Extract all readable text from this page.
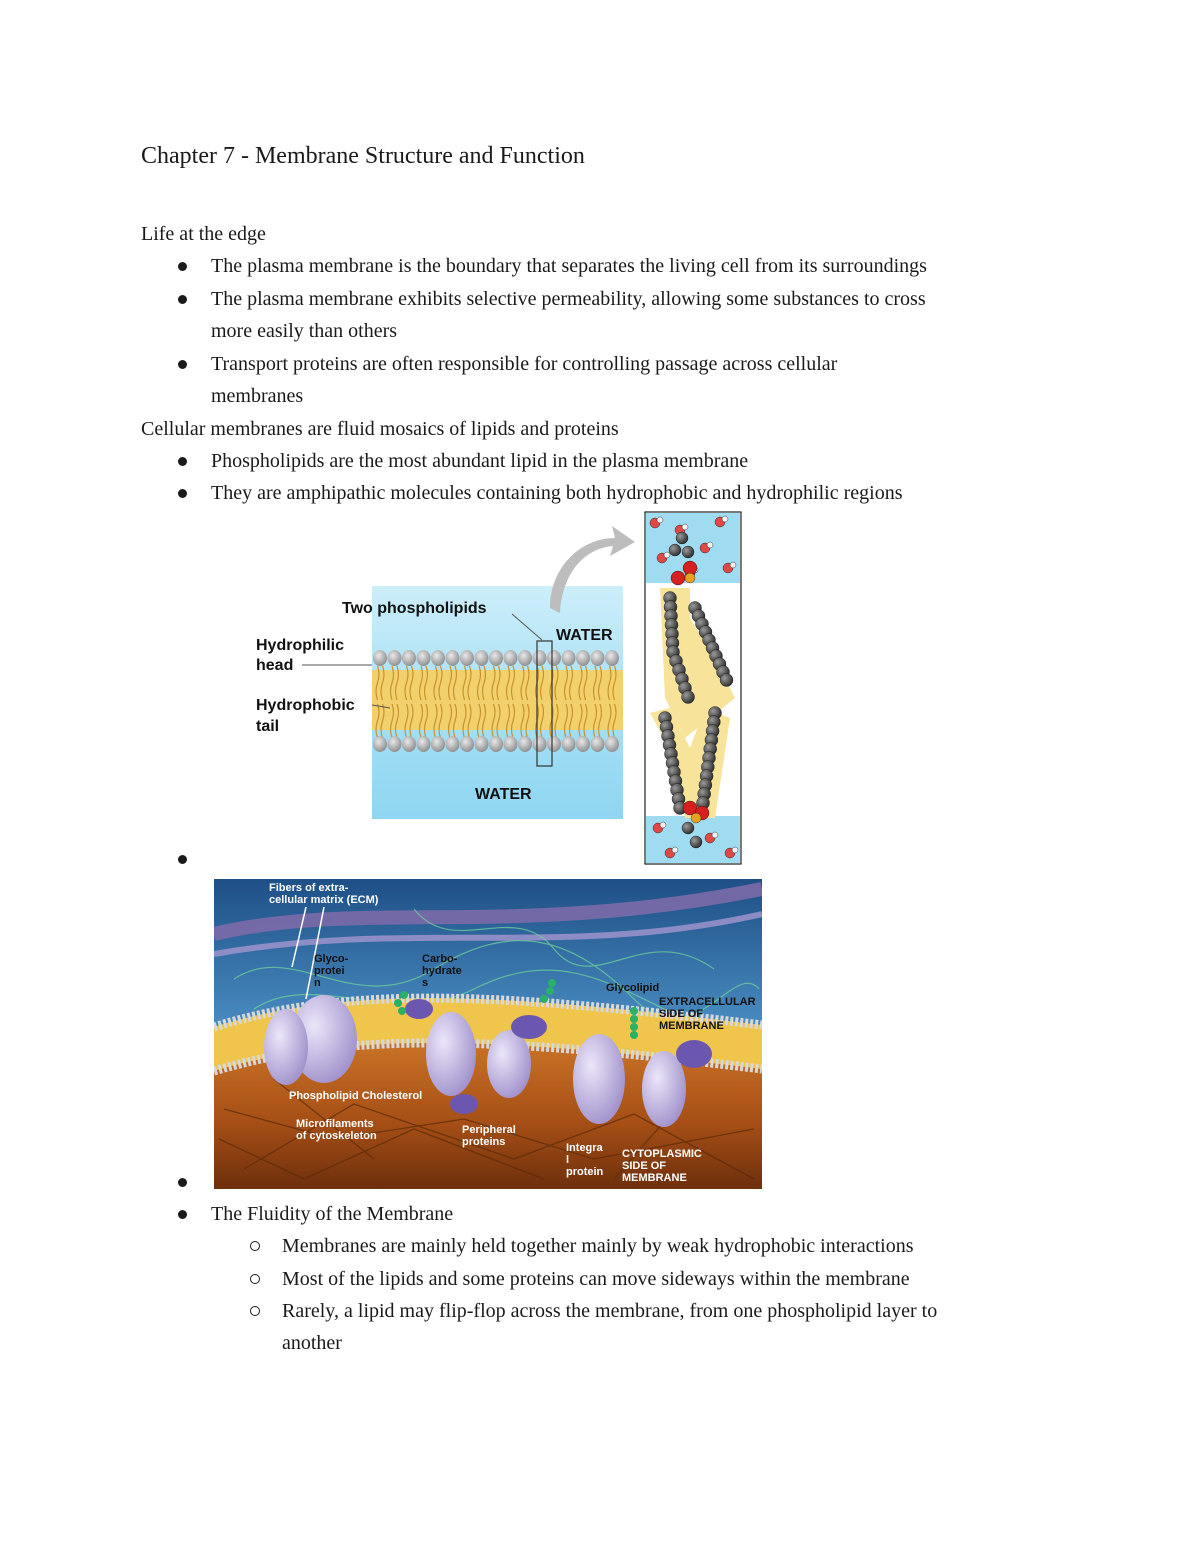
Chapter 7 - Membrane Structure and Function
Life at the edge
The plasma membrane is the boundary that separates the living cell from its surroundings
The plasma membrane exhibits selective permeability, allowing some substances to cross
more easily than others
Transport proteins are often responsible for controlling passage across cellular
membranes
Cellular membranes are fluid mosaics of lipids and proteins
Phospholipids are the most abundant lipid in the plasma membrane
They are amphipathic molecules containing both hydrophobic and hydrophilic regions
Two phospholipids
WATER
WATER
Hydrophilic
head
Hydrophobic
tail
Fibers of extra-
cellular matrix (ECM)
Glyco-
protei
n
Carbo-
hydrate
s	Glycolipid
EXTRACELLULAR
SIDE OF
MEMBRANE
Phospholipid Cholesterol
Microfilaments
of cytoskeleton	Peripheral
proteins	Integra
l
protein
CYTOPLASMIC
SIDE OF
MEMBRANE
The Fluidity of the Membrane
Membranes are mainly held together mainly by weak hydrophobic interactions
Most of the lipids and some proteins can move sideways within the membrane
Rarely, a lipid may flip-flop across the membrane, from one phospholipid layer to
another
